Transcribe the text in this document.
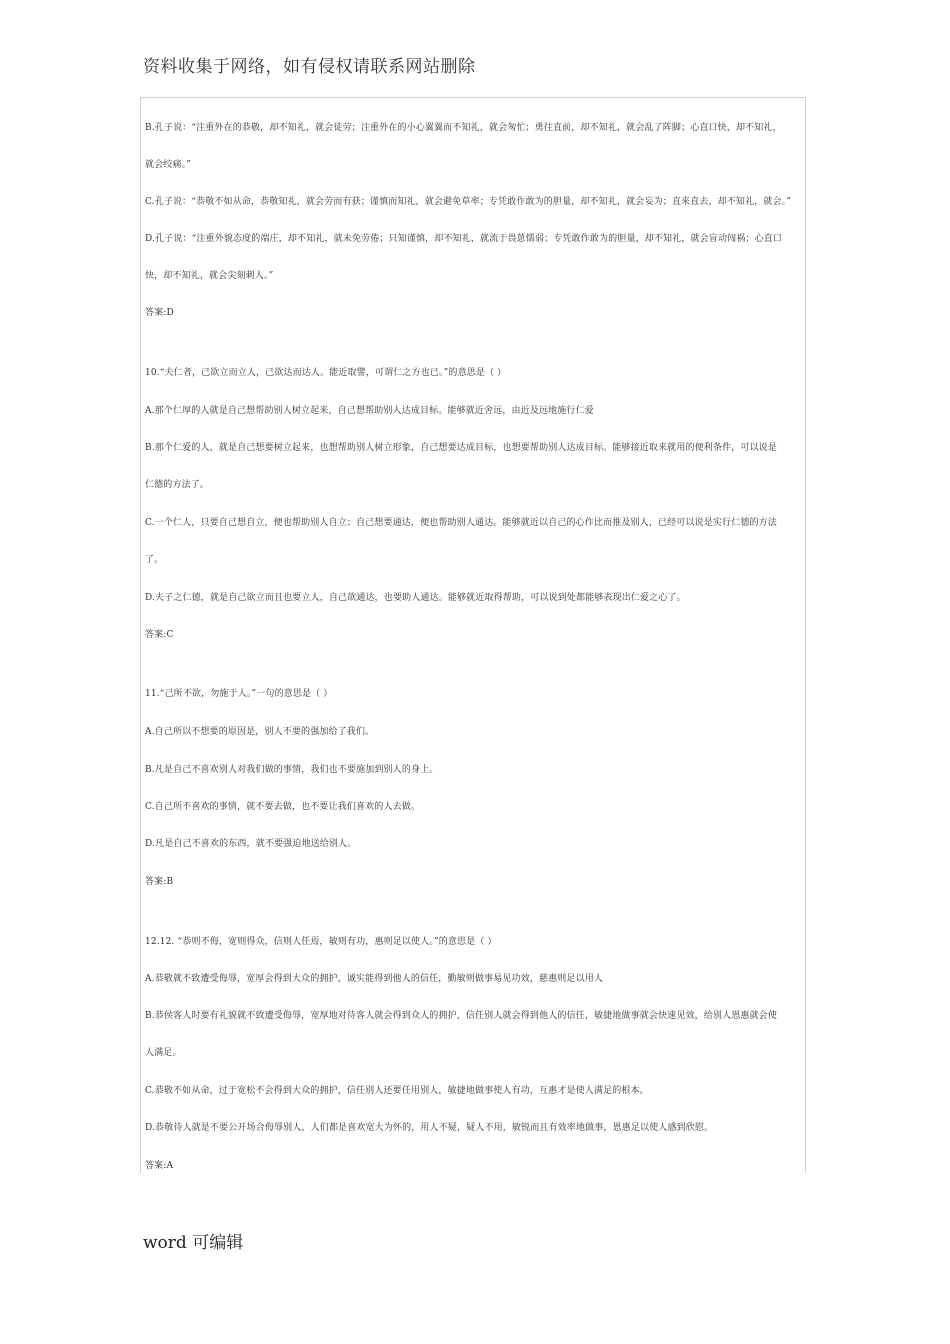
资料收集于网络，如有侵权请联系网站删除
B.孔子说：“注重外在的恭敬，却不知礼，就会徒劳；注重外在的小心翼翼而不知礼，就会匆忙；勇往直前，却不知礼，就会乱了阵脚；心直口快，却不知礼，
就会绞痛。”
C.孔子说：“恭敬不如从命，恭敬知礼，就会劳而有获；谨慎而知礼，就会避免草率；专凭敢作敢为的胆量，却不知礼，就会妄为；直来直去，却不知礼，就会。”
D.孔子说：“注重外貌态度的端庄，却不知礼，就未免劳倦；只知谨慎，却不知礼，就流于畏葸懦弱；专凭敢作敢为的胆量，却不知礼，就会盲动闯祸；心直口
快，却不知礼，就会尖刻刺人。”
答案:D
10.“夫仁者，己欲立而立人，己欲达而达人。能近取譬，可谓仁之方也已。”的意思是（ ）
A.那个仁厚的人就是自己想帮助别人树立起来，自己想帮助别人达成目标。能够就近舍远，由近及远地施行仁爱
B.那个仁爱的人，就是自己想要树立起来，也想帮助别人树立形象，自己想要达成目标，也想要帮助别人达成目标。能够接近取来就用的便利条件，可以说是
仁德的方法了。
C.一个仁人，只要自己想自立，便也帮助别人自立；自己想要通达，便也帮助别人通达。能够就近以自己的心作比而推及别人，已经可以说是实行仁德的方法
了。
D.夫子之仁德，就是自己欲立而且也要立人，自己欲通达，也要助人通达。能够就近取得帮助，可以说到处都能够表现出仁爱之心了。
答案:C
11.“己所不欲，勿施于人。”一句的意思是（ ）
A.自己所以不想要的原因是，别人不要的强加给了我们。
B.凡是自己不喜欢别人对我们做的事情，我们也不要施加到别人的身上。
C.自己所不喜欢的事情，就不要去做，也不要让我们喜欢的人去做。
D.凡是自己不喜欢的东西，就不要强迫地送给别人。
答案:B
12.12. “恭则不侮，宽则得众，信则人任焉，敏则有功，惠则足以使人。”的意思是（ ）
A.恭敬就不致遭受侮辱，宽厚会得到大众的拥护，诚实能得到他人的信任，勤敏则做事易见功效，慈惠则足以用人
B.恭侯客人时要有礼貌就不致遭受侮辱，宽厚地对待客人就会得到众人的拥护，信任别人就会得到他人的信任，敏捷地做事就会快速见效，给别人恩惠就会使
人满足。
C.恭敬不如从命，过于宽松不会得到大众的拥护，信任别人还要任用别人，敏捷地做事使人有功，互惠才是使人满足的根本。
D.恭敬待人就是不要公开场合侮辱别人，人们都是喜欢宽大为怀的，用人不疑，疑人不用，敏锐而且有效率地做事，恩惠足以使人感到欣慰。
答案:A
word 可编辑
